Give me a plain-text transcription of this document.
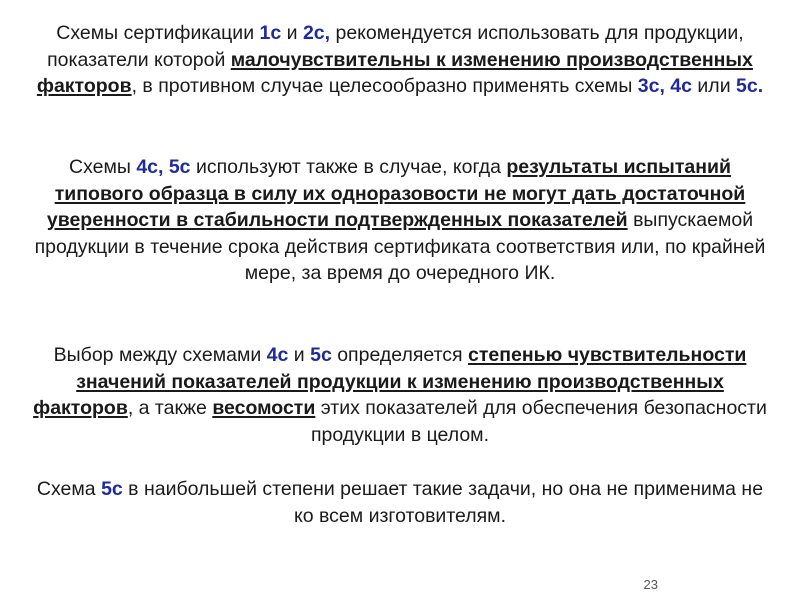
Схемы сертификации 1с и 2с, рекомендуется использовать для продукции, показатели которой малочувствительны к изменению производственных факторов, в противном случае целесообразно применять схемы 3с, 4с или 5с.

Схемы 4с, 5с используют также в случае, когда результаты испытаний типового образца в силу их одноразовости не могут дать достаточной уверенности в стабильности подтвержденных показателей выпускаемой продукции в течение срока действия сертификата соответствия или, по крайней мере, за время до очередного ИК.

Выбор между схемами 4с и 5с определяется степенью чувствительности значений показателей продукции к изменению производственных факторов, а также весомости этих показателей для обеспечения безопасности продукции в целом.

Схема 5с в наибольшей степени решает такие задачи, но она не применима не ко всем изготовителям.

23
